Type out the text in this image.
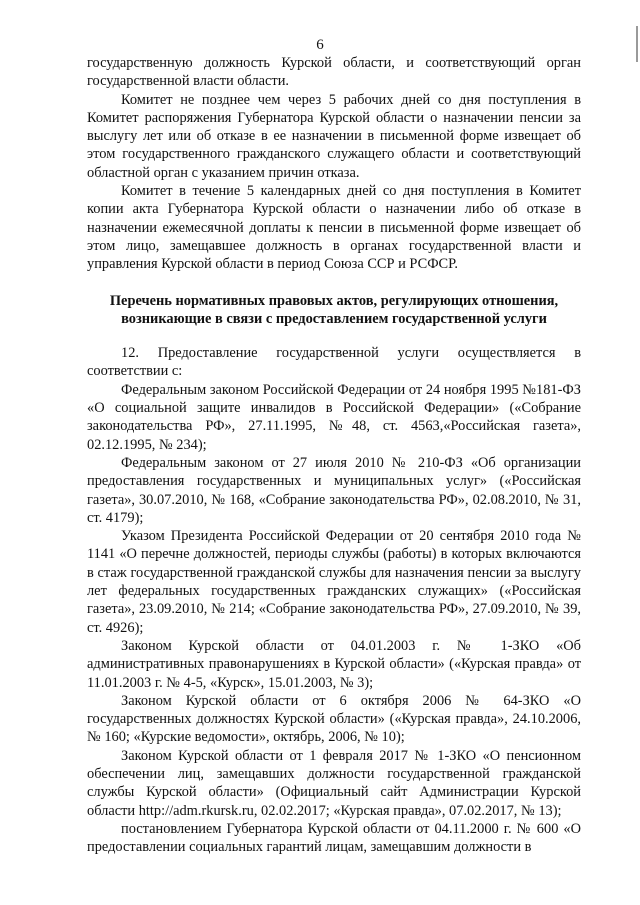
6

государственную должность Курской области, и соответствующий орган государственной власти области.

Комитет не позднее чем через 5 рабочих дней со дня поступления в Комитет распоряжения Губернатора Курской области о назначении пенсии за выслугу лет или об отказе в ее назначении в письменной форме извещает об этом государственного гражданского служащего области и соответствующий областной орган с указанием причин отказа.

Комитет в течение 5 календарных дней со дня поступления в Комитет копии акта Губернатора Курской области о назначении либо об отказе в назначении ежемесячной доплаты к пенсии в письменной форме извещает об этом лицо, замещавшее должность в органах государственной власти и управления Курской области в период Союза ССР и РСФСР.

Перечень нормативных правовых актов, регулирующих отношения, возникающие в связи с предоставлением государственной услуги

12. Предоставление государственной услуги осуществляется в соответствии с:

Федеральным законом Российской Федерации от 24 ноября 1995 №181-ФЗ «О социальной защите инвалидов в Российской Федерации» («Собрание законодательства РФ», 27.11.1995, №48, ст. 4563,«Российская газета», 02.12.1995, № 234);

Федеральным законом от 27 июля 2010 № 210-ФЗ «Об организации предоставления государственных и муниципальных услуг» («Российская газета», 30.07.2010, № 168, «Собрание законодательства РФ», 02.08.2010, № 31, ст. 4179);

Указом Президента Российской Федерации от 20 сентября 2010 года № 1141 «О перечне должностей, периоды службы (работы) в которых включаются в стаж государственной гражданской службы для назначения пенсии за выслугу лет федеральных государственных гражданских служащих» («Российская газета», 23.09.2010, № 214; «Собрание законодательства РФ», 27.09.2010, № 39, ст. 4926);

Законом Курской области от 04.01.2003 г. № 1-ЗКО «Об административных правонарушениях в Курской области» («Курская правда» от 11.01.2003 г. № 4-5, «Курск», 15.01.2003, № 3);

Законом Курской области от 6 октября 2006 № 64-ЗКО «О государственных должностях Курской области» («Курская правда», 24.10.2006, № 160; «Курские ведомости», октябрь, 2006, № 10);

Законом Курской области от 1 февраля 2017 № 1-ЗКО «О пенсионном обеспечении лиц, замещавших должности государственной гражданской службы Курской области» (Официальный сайт Администрации Курской области http://adm.rkursk.ru, 02.02.2017; «Курская правда», 07.02.2017, № 13);

постановлением Губернатора Курской области от 04.11.2000 г. № 600 «О предоставлении социальных гарантий лицам, замещавшим должности в
